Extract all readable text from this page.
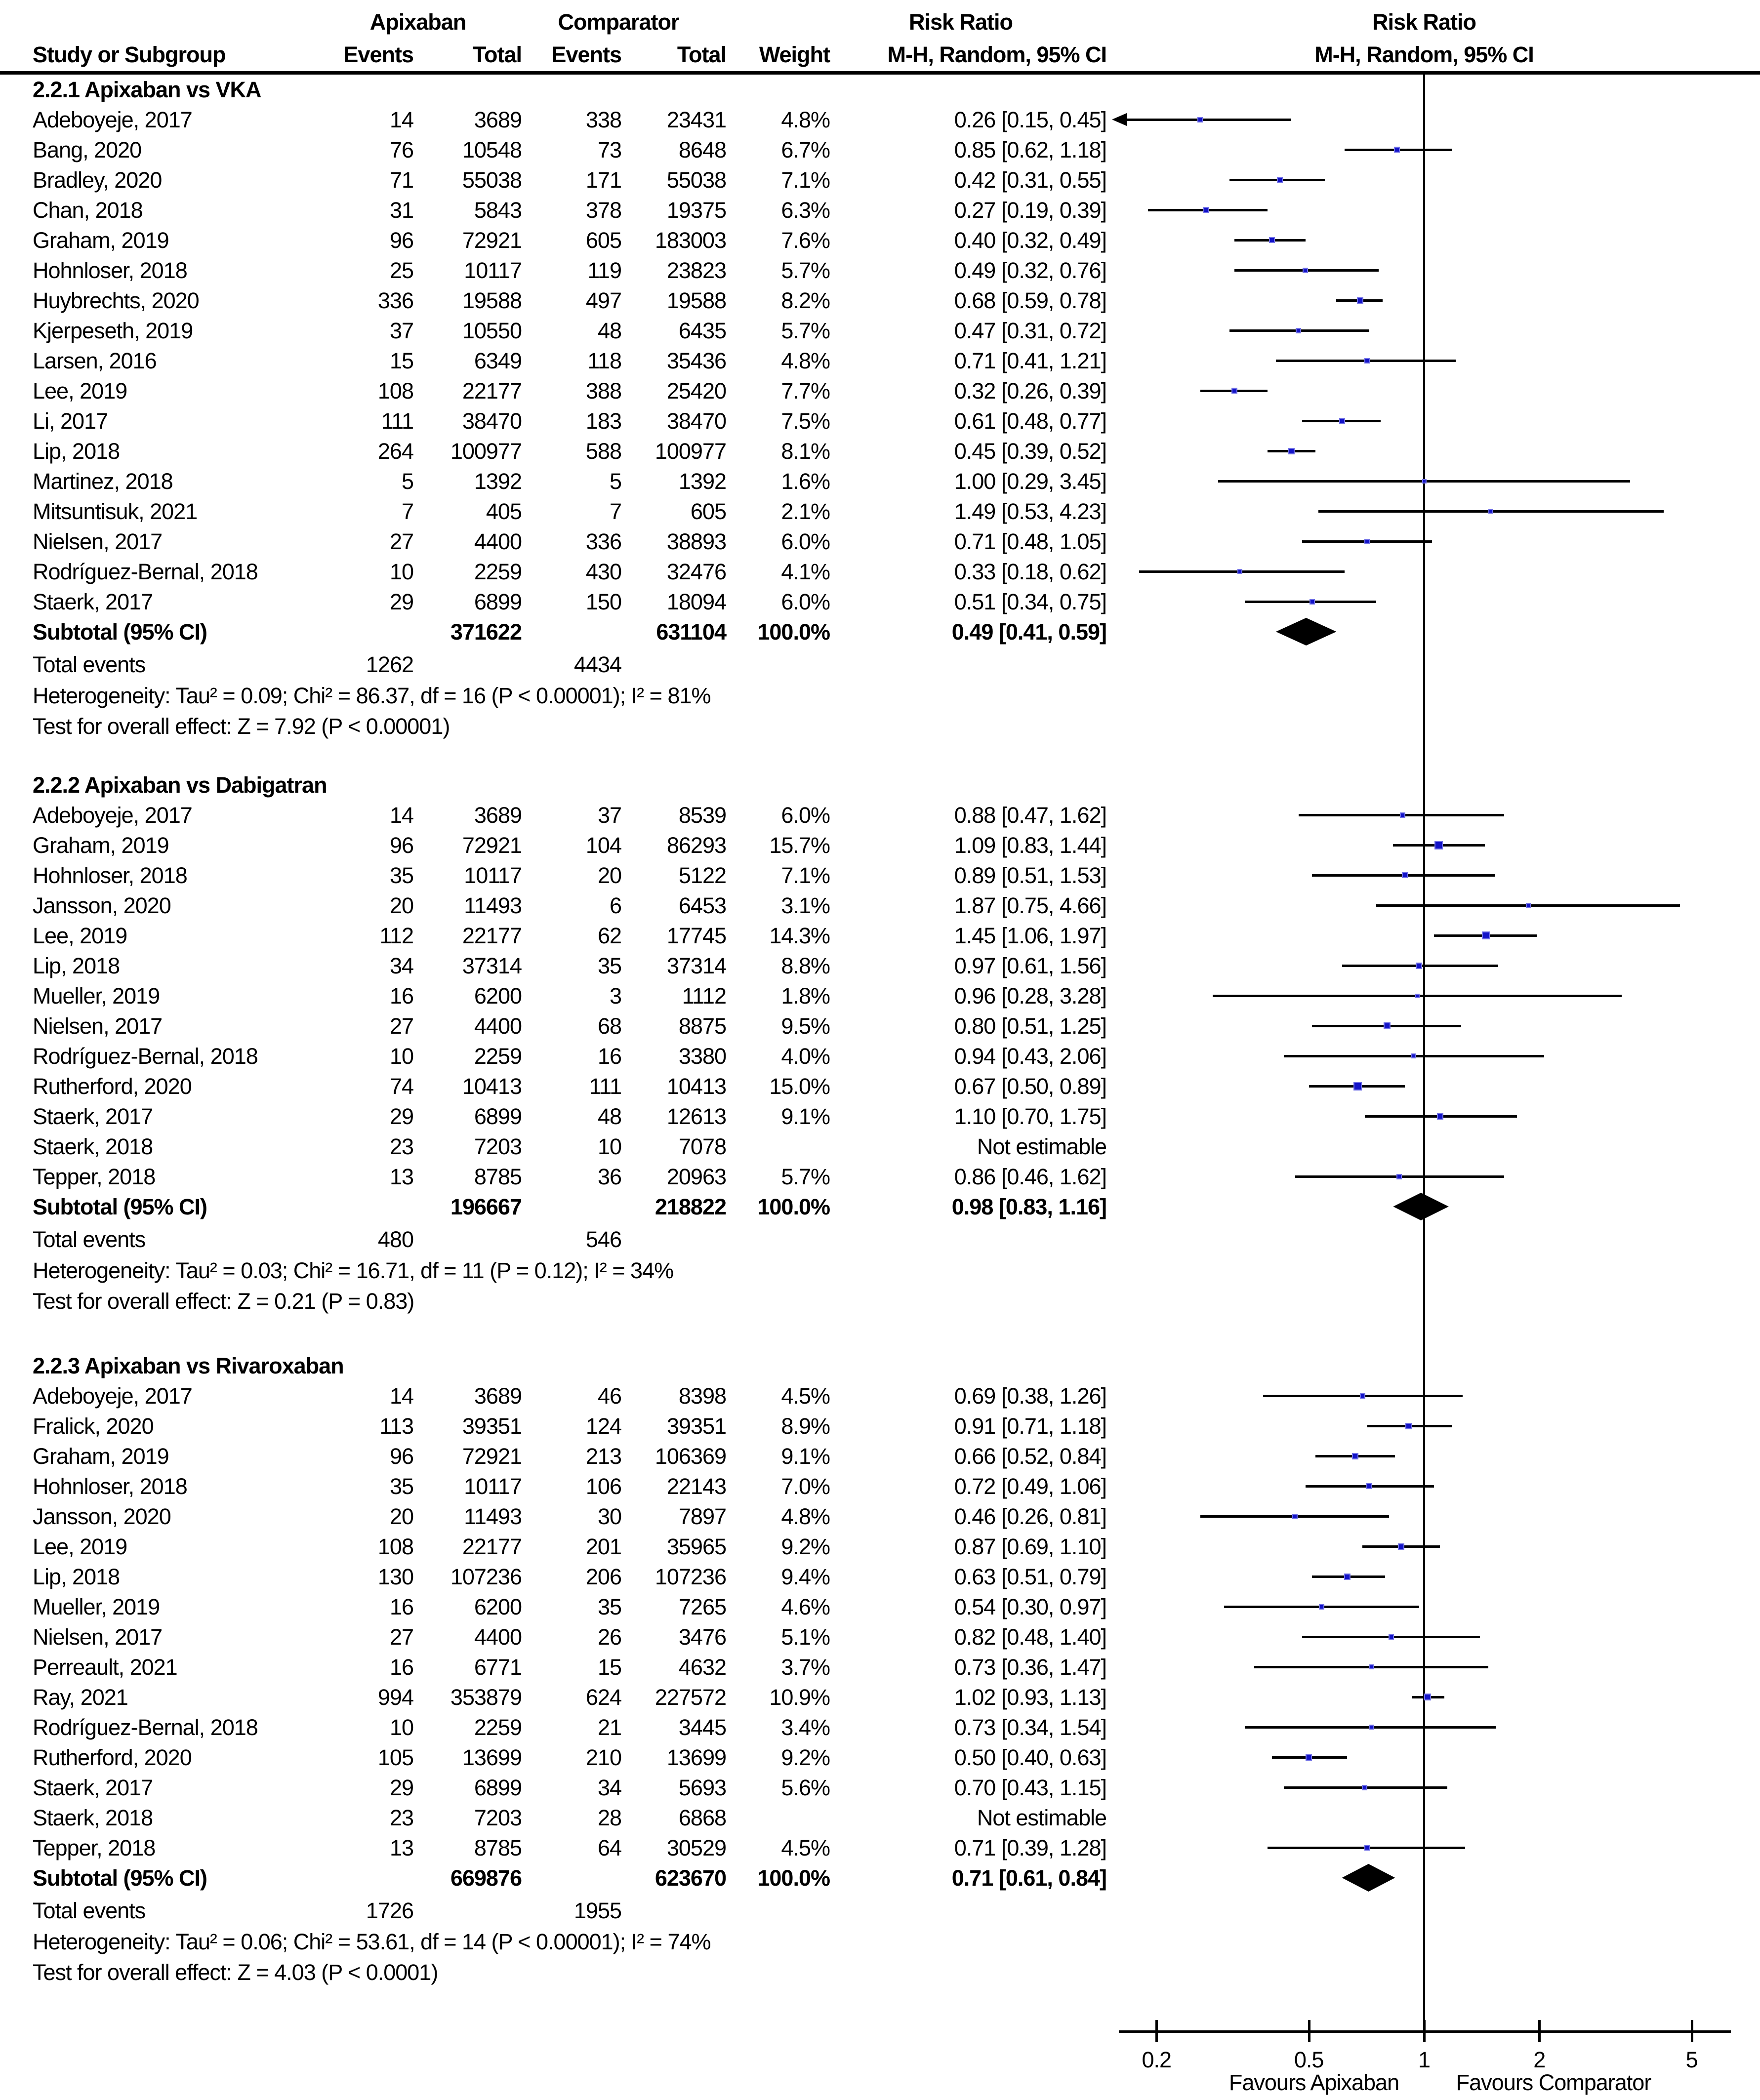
Apixaban	Comparator	Risk Ratio	Risk Ratio
Study or Subgroup	Events	Total	Events	Total	Weight	M-H, Random, 95% CI	M-H, Random, 95% CI
2.2.1 Apixaban vs VKA
Adeboyeje, 2017	14	3689	338	23431	4.8%	0.26 [0.15, 0.45]
Bang, 2020	76	10548	73	8648	6.7%	0.85 [0.62, 1.18]
Bradley, 2020	71	55038	171	55038	7.1%	0.42 [0.31, 0.55]
Chan, 2018	31	5843	378	19375	6.3%	0.27 [0.19, 0.39]
Graham, 2019	96	72921	605	183003	7.6%	0.40 [0.32, 0.49]
Hohnloser, 2018	25	10117	119	23823	5.7%	0.49 [0.32, 0.76]
Huybrechts, 2020	336	19588	497	19588	8.2%	0.68 [0.59, 0.78]
Kjerpeseth, 2019	37	10550	48	6435	5.7%	0.47 [0.31, 0.72]
Larsen, 2016	15	6349	118	35436	4.8%	0.71 [0.41, 1.21]
Lee, 2019	108	22177	388	25420	7.7%	0.32 [0.26, 0.39]
Li, 2017	111	38470	183	38470	7.5%	0.61 [0.48, 0.77]
Lip, 2018	264	100977	588	100977	8.1%	0.45 [0.39, 0.52]
Martinez, 2018	5	1392	5	1392	1.6%	1.00 [0.29, 3.45]
Mitsuntisuk, 2021	7	405	7	605	2.1%	1.49 [0.53, 4.23]
Nielsen, 2017	27	4400	336	38893	6.0%	0.71 [0.48, 1.05]
Rodríguez-Bernal, 2018	10	2259	430	32476	4.1%	0.33 [0.18, 0.62]
Staerk, 2017	29	6899	150	18094	6.0%	0.51 [0.34, 0.75]
Subtotal (95% CI)	371622	631104	100.0%	0.49 [0.41, 0.59]
Total events	1262	4434
Heterogeneity: Tau² = 0.09; Chi² = 86.37, df = 16 (P < 0.00001); I² = 81%
Test for overall effect: Z = 7.92 (P < 0.00001)
2.2.2 Apixaban vs Dabigatran
Adeboyeje, 2017	14	3689	37	8539	6.0%	0.88 [0.47, 1.62]
Graham, 2019	96	72921	104	86293	15.7%	1.09 [0.83, 1.44]
Hohnloser, 2018	35	10117	20	5122	7.1%	0.89 [0.51, 1.53]
Jansson, 2020	20	11493	6	6453	3.1%	1.87 [0.75, 4.66]
Lee, 2019	112	22177	62	17745	14.3%	1.45 [1.06, 1.97]
Lip, 2018	34	37314	35	37314	8.8%	0.97 [0.61, 1.56]
Mueller, 2019	16	6200	3	1112	1.8%	0.96 [0.28, 3.28]
Nielsen, 2017	27	4400	68	8875	9.5%	0.80 [0.51, 1.25]
Rodríguez-Bernal, 2018	10	2259	16	3380	4.0%	0.94 [0.43, 2.06]
Rutherford, 2020	74	10413	111	10413	15.0%	0.67 [0.50, 0.89]
Staerk, 2017	29	6899	48	12613	9.1%	1.10 [0.70, 1.75]
Staerk, 2018	23	7203	10	7078	Not estimable
Tepper, 2018	13	8785	36	20963	5.7%	0.86 [0.46, 1.62]
Subtotal (95% CI)	196667	218822	100.0%	0.98 [0.83, 1.16]
Total events	480	546
Heterogeneity: Tau² = 0.03; Chi² = 16.71, df = 11 (P = 0.12); I² = 34%
Test for overall effect: Z = 0.21 (P = 0.83)
2.2.3 Apixaban vs Rivaroxaban
Adeboyeje, 2017	14	3689	46	8398	4.5%	0.69 [0.38, 1.26]
Fralick, 2020	113	39351	124	39351	8.9%	0.91 [0.71, 1.18]
Graham, 2019	96	72921	213	106369	9.1%	0.66 [0.52, 0.84]
Hohnloser, 2018	35	10117	106	22143	7.0%	0.72 [0.49, 1.06]
Jansson, 2020	20	11493	30	7897	4.8%	0.46 [0.26, 0.81]
Lee, 2019	108	22177	201	35965	9.2%	0.87 [0.69, 1.10]
Lip, 2018	130	107236	206	107236	9.4%	0.63 [0.51, 0.79]
Mueller, 2019	16	6200	35	7265	4.6%	0.54 [0.30, 0.97]
Nielsen, 2017	27	4400	26	3476	5.1%	0.82 [0.48, 1.40]
Perreault, 2021	16	6771	15	4632	3.7%	0.73 [0.36, 1.47]
Ray, 2021	994	353879	624	227572	10.9%	1.02 [0.93, 1.13]
Rodríguez-Bernal, 2018	10	2259	21	3445	3.4%	0.73 [0.34, 1.54]
Rutherford, 2020	105	13699	210	13699	9.2%	0.50 [0.40, 0.63]
Staerk, 2017	29	6899	34	5693	5.6%	0.70 [0.43, 1.15]
Staerk, 2018	23	7203	28	6868	Not estimable
Tepper, 2018	13	8785	64	30529	4.5%	0.71 [0.39, 1.28]
Subtotal (95% CI)	669876	623670	100.0%	0.71 [0.61, 0.84]
Total events	1726	1955
Heterogeneity: Tau² = 0.06; Chi² = 53.61, df = 14 (P < 0.00001); I² = 74%
Test for overall effect: Z = 4.03 (P < 0.0001)
0.2	0.5	1	2	5
Favours Apixaban	Favours Comparator
